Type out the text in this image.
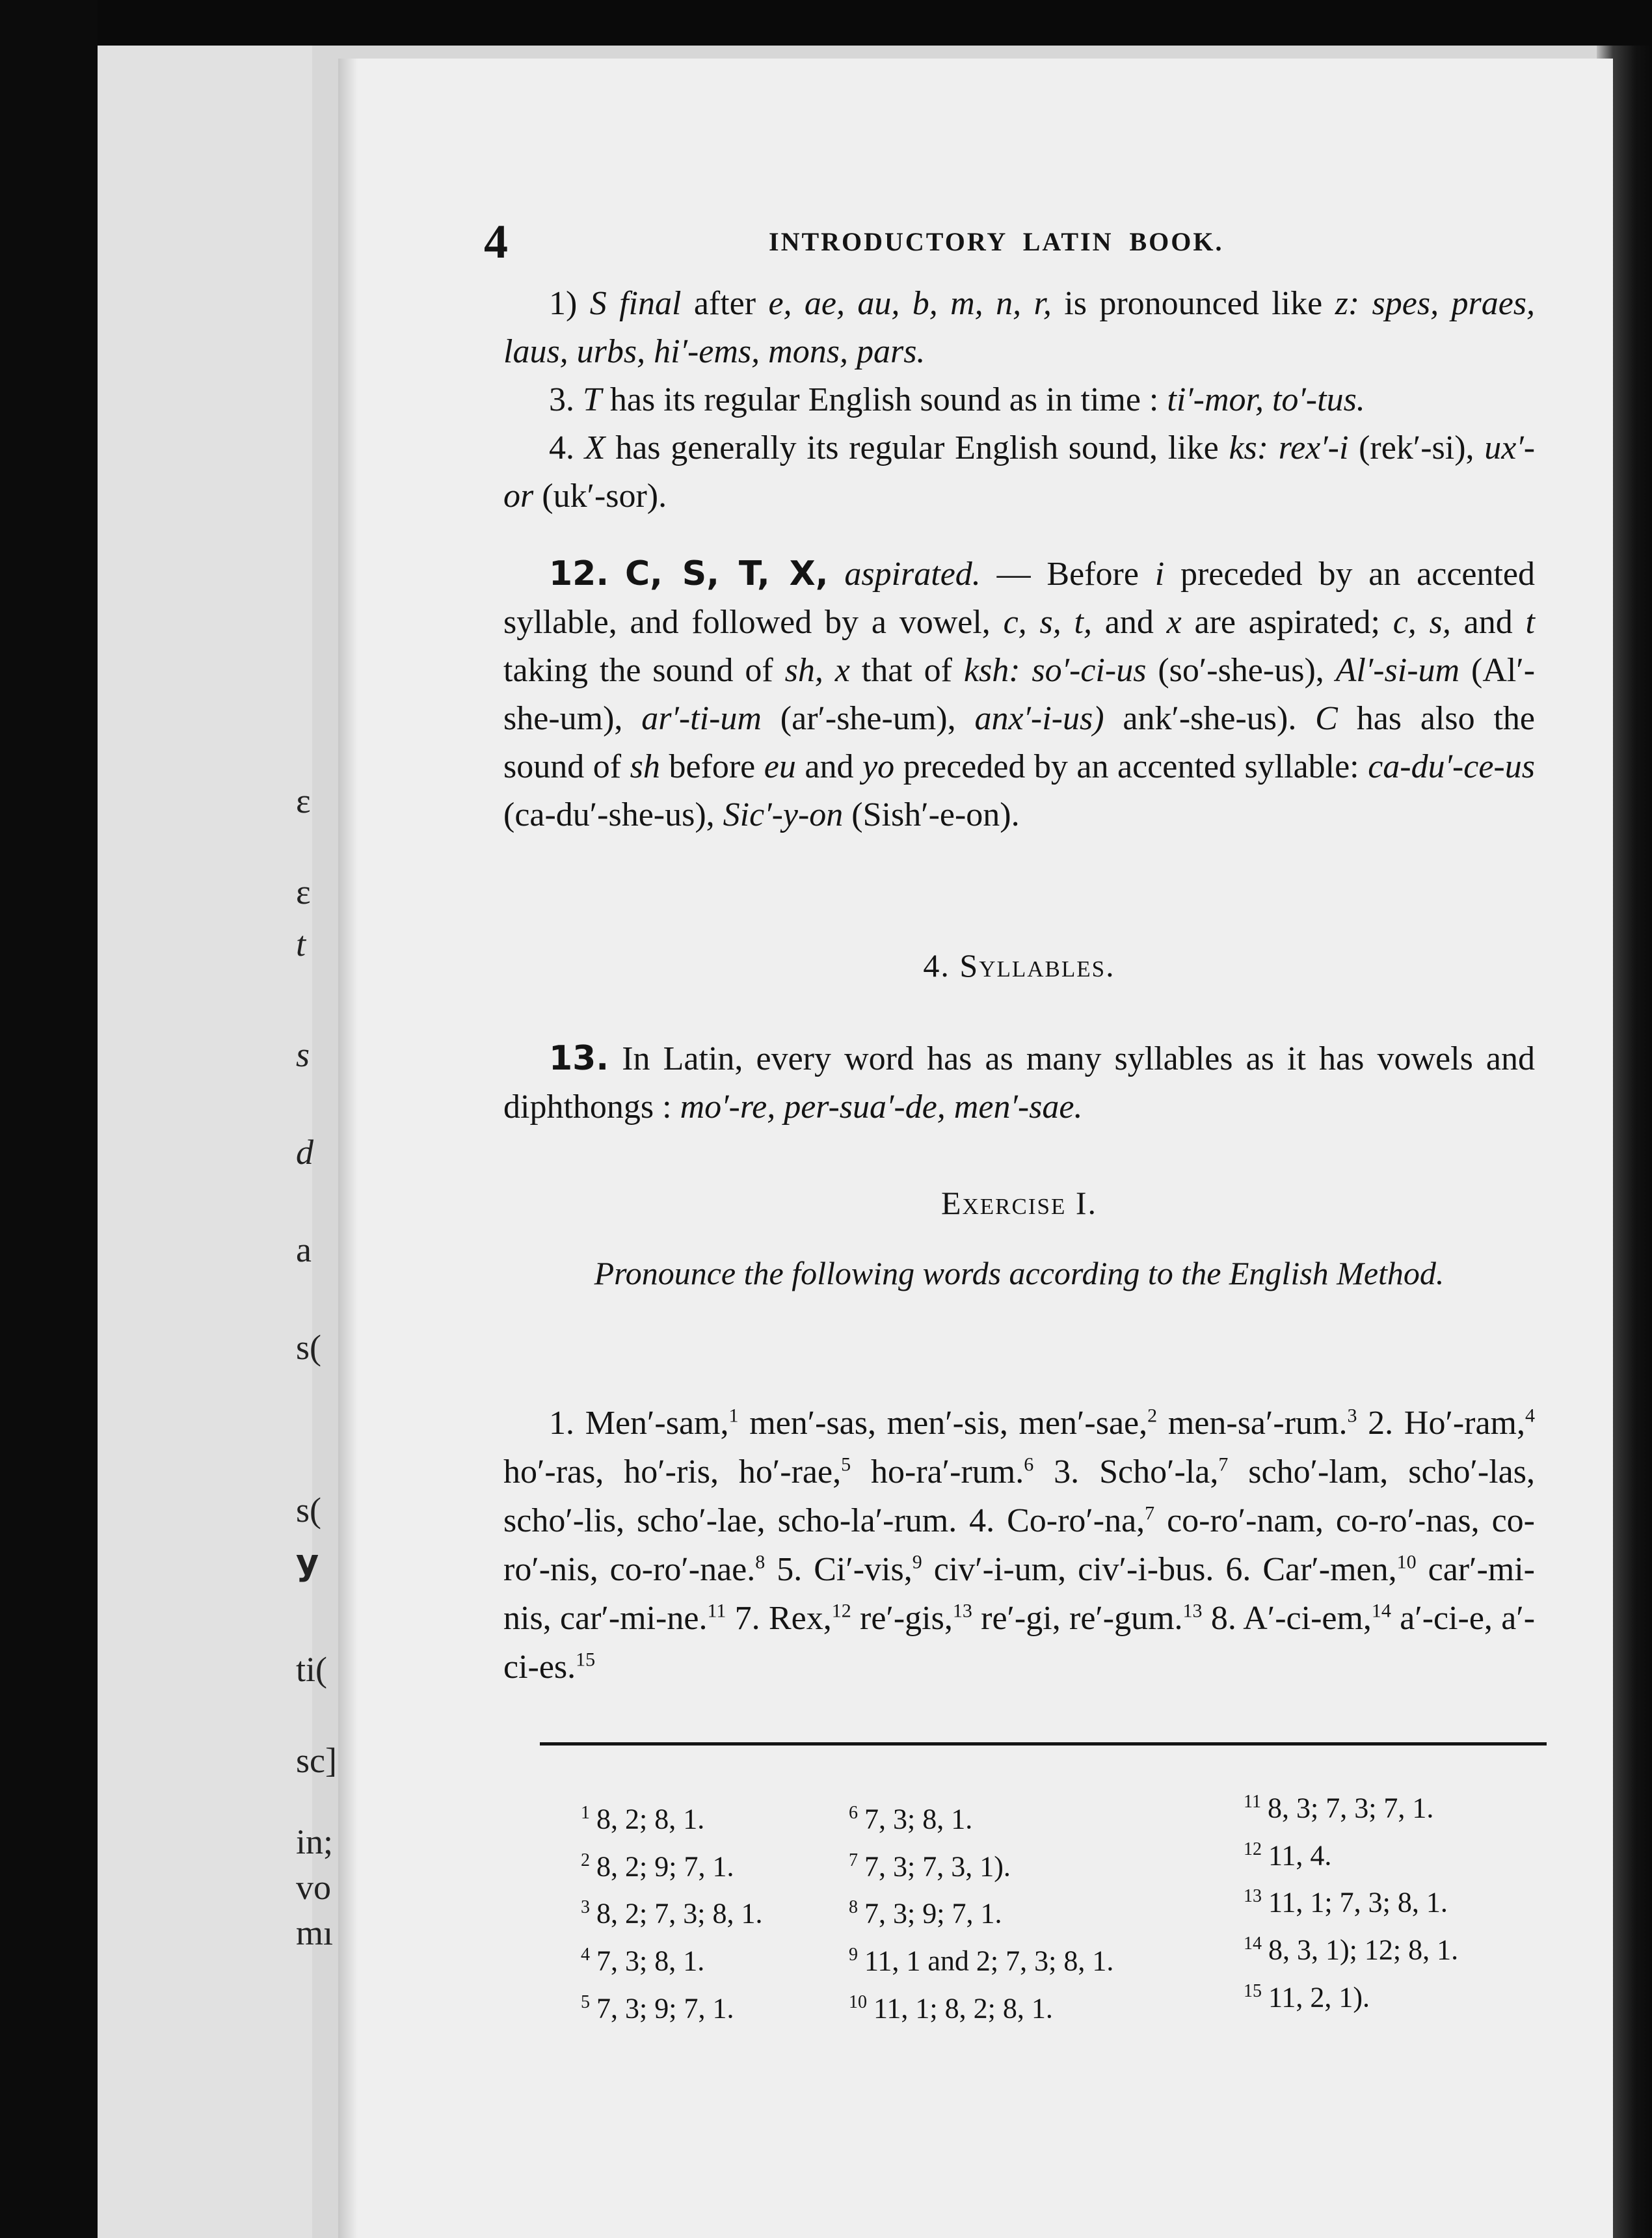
ε
ε
t
s
d
a
s(
s(
y
ti(
sc]
in;
vo
mı
4	INTRODUCTORY LATIN BOOK.

1) S final after e, ae, au, b, m, n, r, is pronounced like z: spes, praes, laus, urbs, hi′-ems, mons, pars.

3. T has its regular English sound as in time : ti′-mor, to′-tus.

4. X has generally its regular English sound, like ks: rex′-i (rek′-si), ux′-or (uk′-sor).

12. C, S, T, X, aspirated. — Before i preceded by an accented syllable, and followed by a vowel, c, s, t, and x are aspirated; c, s, and t taking the sound of sh, x that of ksh: so′-ci-us (so′-she-us), Al′-si-um (Al′-she-um), ar′-ti-um (ar′-she-um), anx′-i-us) ank′-she-us). C has also the sound of sh before eu and yo preceded by an accented syllable: ca-du′-ce-us (ca-du′-she-us), Sic′-y-on (Sish′-e-on).

4. Syllables.

13. In Latin, every word has as many syllables as it has vowels and diphthongs : mo′-re, per-sua′-de, men′-sae.

Exercise I.
Pronounce the following words according to the English Method.

1. Men′-sam,$^1$ men′-sas, men′-sis, men′-sae,$^2$ men-sa′-rum.$^3$ 2. Ho′-ram,$^4$ ho′-ras, ho′-ris, ho′-rae,$^5$ ho-ra′-rum.$^6$ 3. Scho′-la,$^7$ scho′-lam, scho′-las, scho′-lis, scho′-lae, scho-la′-rum. 4. Co-ro′-na,$^7$ co-ro′-nam, co-ro′-nas, co-ro′-nis, co-ro′-nae.$^8$ 5. Ci′-vis,$^9$ civ′-i-um, civ′-i-bus. 6. Car′-men,$^{10}$ car′-mi-nis, car′-mi-ne.$^{11}$ 7. Rex,$^{12}$ re′-gis,$^{13}$ re′-gi, re′-gum.$^{13}$ 8. A′-ci-em,$^{14}$ a′-ci-e, a′-ci-es.$^{15}$

$^1$ 8, 2; 8, 1.
$^2$ 8, 2; 9; 7, 1.
$^3$ 8, 2; 7, 3; 8, 1.
$^4$ 7, 3; 8, 1.
$^5$ 7, 3; 9; 7, 1.
$^6$ 7, 3; 8, 1.
$^7$ 7, 3; 7, 3, 1).
$^8$ 7, 3; 9; 7, 1.
$^9$ 11, 1 and 2; 7, 3; 8, 1.
$^{10}$ 11, 1; 8, 2; 8, 1.
$^{11}$ 8, 3; 7, 3; 7, 1.
$^{12}$ 11, 4.
$^{13}$ 11, 1; 7, 3; 8, 1.
$^{14}$ 8, 3, 1); 12; 8, 1.
$^{15}$ 11, 2, 1).
